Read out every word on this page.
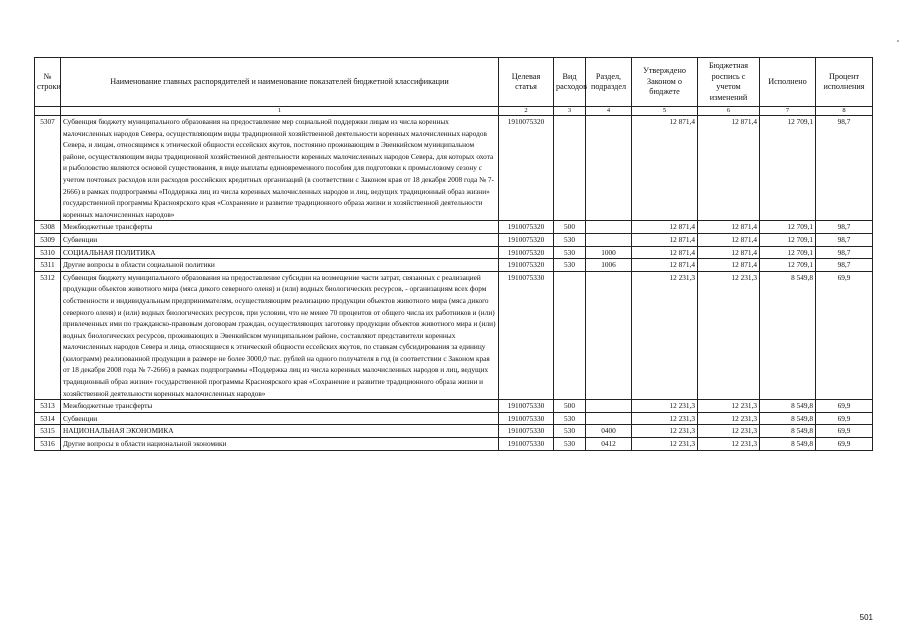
№ строки	Наименование главных распорядителей и наименование показателей бюджетной классификации	Целевая статья	Вид расходов	Раздел, подраздел	Утверждено Законом о бюджете	Бюджетная роспись с учетом изменений	Исполнено	Процент исполнения
	1	2	3	4	5	6	7	8
5307	Субвенция бюджету муниципального образования на предоставление мер социальной поддержки лицам из числа коренных малочисленных народов Севера, осуществляющим виды традиционной хозяйственной деятельности коренных малочисленных народов Севера, и лицам, относящимся к этнической общности ессейских якутов, постоянно проживающим в Эвенкийском муниципальном районе, осуществляющим виды традиционной хозяйственной деятельности коренных малочисленных народов Севера, для которых охота и рыболовство являются основой существования, в виде выплаты единовременного пособия для подготовки к промысловому сезону с учетом почтовых расходов или расходов российских кредитных организаций (в соответствии с Законом края от 18 декабря 2008 года № 7-2666) в рамках подпрограммы «Поддержка лиц из числа коренных малочисленных народов и лиц, ведущих традиционный образ жизни» государственной программы Красноярского края «Сохранение и развитие традиционного образа жизни и хозяйственной деятельности коренных малочисленных народов»	1910075320			12 871,4	12 871,4	12 709,1	98,7
5308	Межбюджетные трансферты	1910075320	500		12 871,4	12 871,4	12 709,1	98,7
5309	Субвенции	1910075320	530		12 871,4	12 871,4	12 709,1	98,7
5310	СОЦИАЛЬНАЯ ПОЛИТИКА	1910075320	530	1000	12 871,4	12 871,4	12 709,1	98,7
5311	Другие вопросы в области социальной политики	1910075320	530	1006	12 871,4	12 871,4	12 709,1	98,7
5312	Субвенция бюджету муниципального образования на предоставление субсидии на возмещение части затрат, связанных с реализацией продукции объектов животного мира (мяса дикого северного оленя) и (или) водных биологических ресурсов, - организациям всех форм собственности и индивидуальным предпринимателям, осуществляющим реализацию продукции объектов животного мира (мяса дикого северного оленя) и (или) водных биологических ресурсов, при условии, что не менее 70 процентов от общего числа их работников и (или) привлеченных ими по гражданско-правовым договорам граждан, осуществляющих заготовку продукции объектов животного мира и (или) водных биологических ресурсов, проживающих в Эвенкийском муниципальном районе, составляют представители коренных малочисленных народов Севера и лица, относящиеся к этнической общности ессейских якутов, по ставкам субсидирования за единицу (килограмм) реализованной продукции в размере не более 3000,0 тыс. рублей на одного получателя в год (в соответствии с Законом края от 18 декабря 2008 года № 7-2666) в рамках подпрограммы «Поддержка лиц из числа коренных малочисленных народов и лиц, ведущих традиционный образ жизни» государственной программы Красноярского края «Сохранение и развитие традиционного образа жизни и хозяйственной деятельности коренных малочисленных народов»	1910075330			12 231,3	12 231,3	8 549,8	69,9
5313	Межбюджетные трансферты	1910075330	500		12 231,3	12 231,3	8 549,8	69,9
5314	Субвенции	1910075330	530		12 231,3	12 231,3	8 549,8	69,9
5315	НАЦИОНАЛЬНАЯ ЭКОНОМИКА	1910075330	530	0400	12 231,3	12 231,3	8 549,8	69,9
5316	Другие вопросы в области национальной экономики	1910075330	530	0412	12 231,3	12 231,3	8 549,8	69,9
501
